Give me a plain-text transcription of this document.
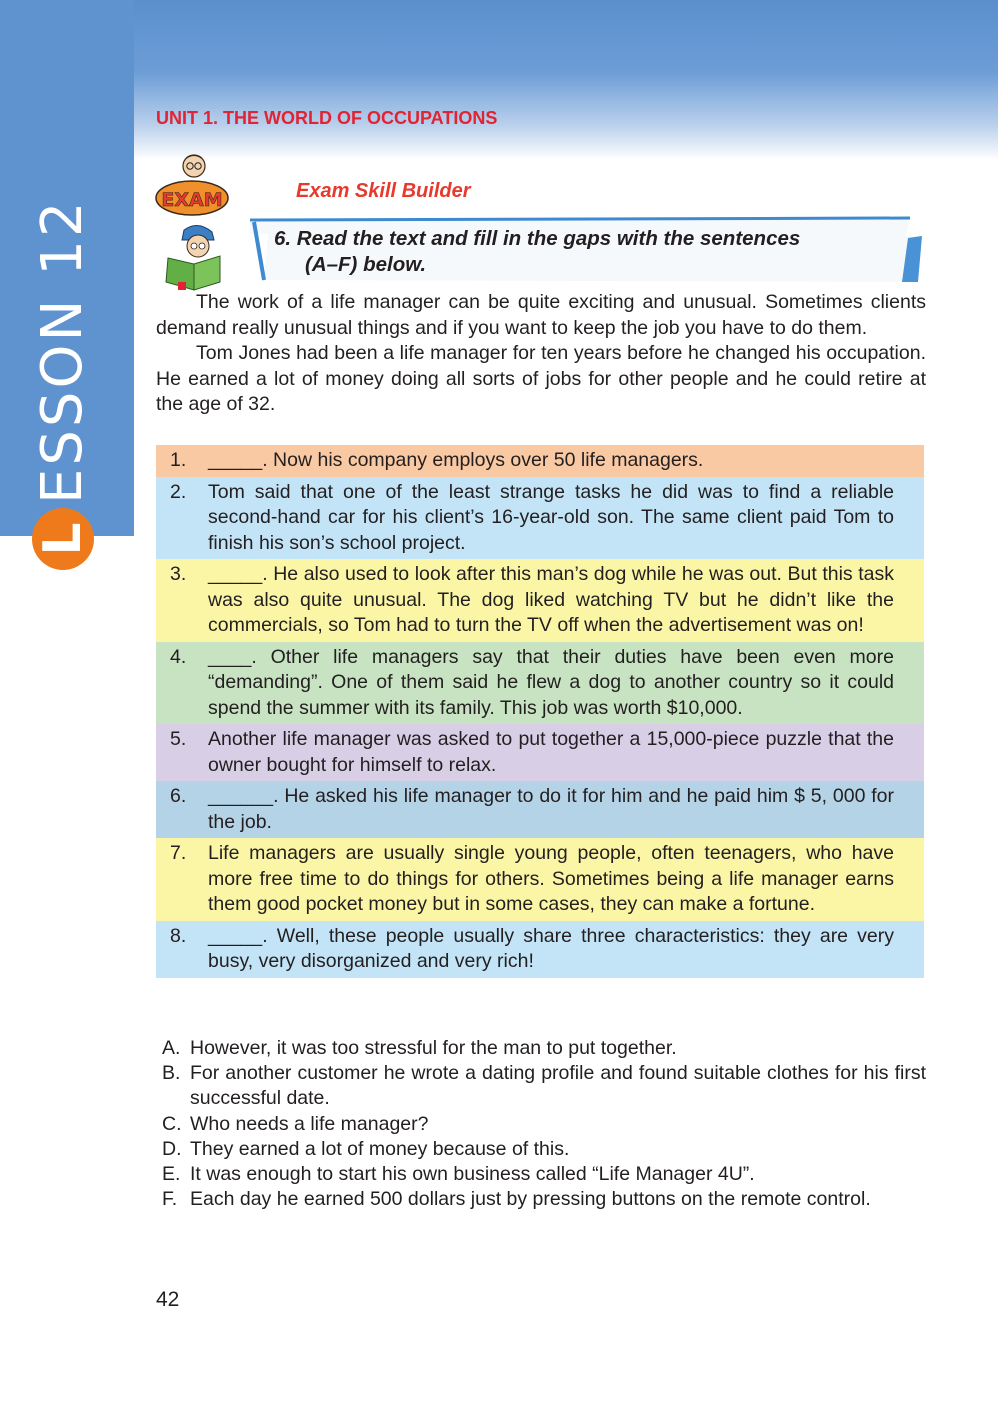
L
ESSON 12
UNIT 1. THE WORLD OF OCCUPATIONS
EXAM	Exam Skill Builder
6. Read the text and fill in the gaps with the sentences
(A–F) below.

The work of a life manager can be quite exciting and unusual. Sometimes clients demand really unusual things and if you want to keep the job you have to do them.

Tom Jones had been a life manager for ten years before he changed his occupation. He earned a lot of money doing all sorts of jobs for other people and he could retire at the age of 32.

1.	_____. Now his company employs over 50 life managers.
2.	Tom said that one of the least strange tasks he did was to find a reliable second-hand car for his client’s 16-year-old son. The same client paid Tom to finish his son’s school project.
3.	_____. He also used to look after this man’s dog while he was out. But this task was also quite unusual. The dog liked watching TV but he didn’t like the commercials, so Tom had to turn the TV off when the advertisement was on!
4.	____. Other life managers say that their duties have been even more “demanding”. One of them said he flew a dog to another country so it could spend the summer with its family. This job was worth $10,000.
5.	Another life manager was asked to put together a 15,000-piece puzzle that the owner bought for himself to relax.
6.	______. He asked his life manager to do it for him and he paid him $ 5, 000 for the job.
7.	Life managers are usually single young people, often teenagers, who have more free time to do things for others. Sometimes being a life manager earns them good pocket money but in some cases, they can make a fortune.
8.	_____. Well, these people usually share three characteristics: they are very busy, very disorganized and very rich!
A. However, it was too stressful for the man to put together.
B. For another customer he wrote a dating profile and found suitable clothes for his first successful date.
C. Who needs a life manager?
D. They earned a lot of money because of this.
E. It was enough to start his own business called “Life Manager 4U”.
F. Each day he earned 500 dollars just by pressing buttons on the remote control.
42
